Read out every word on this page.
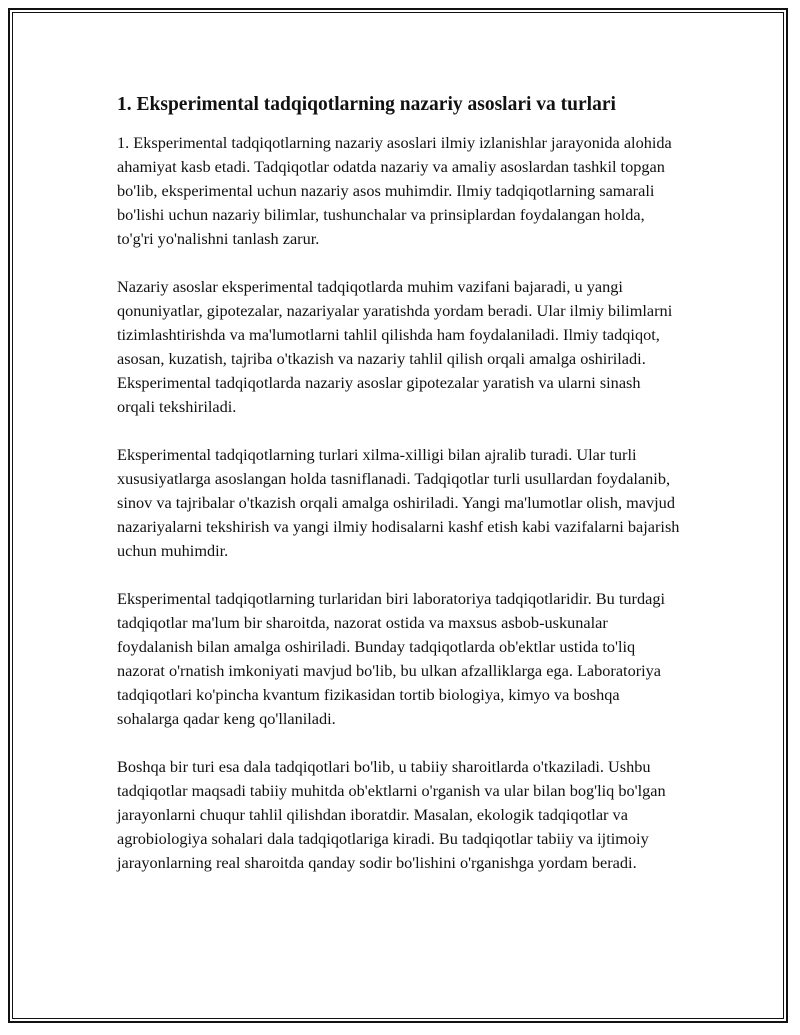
1. Eksperimental tadqiqotlarning nazariy asoslari va turlari

1. Eksperimental tadqiqotlarning nazariy asoslari ilmiy izlanishlar jarayonida alohida ahamiyat kasb etadi. Tadqiqotlar odatda nazariy va amaliy asoslardan tashkil topgan bo'lib, eksperimental uchun nazariy asos muhimdir. Ilmiy tadqiqotlarning samarali bo'lishi uchun nazariy bilimlar, tushunchalar va prinsiplardan foydalangan holda, to'g'ri yo'nalishni tanlash zarur.

Nazariy asoslar eksperimental tadqiqotlarda muhim vazifani bajaradi, u yangi qonuniyatlar, gipotezalar, nazariyalar yaratishda yordam beradi. Ular ilmiy bilimlarni tizimlashtirishda va ma'lumotlarni tahlil qilishda ham foydalaniladi. Ilmiy tadqiqot, asosan, kuzatish, tajriba o'tkazish va nazariy tahlil qilish orqali amalga oshiriladi. Eksperimental tadqiqotlarda nazariy asoslar gipotezalar yaratish va ularni sinash orqali tekshiriladi.

Eksperimental tadqiqotlarning turlari xilma-xilligi bilan ajralib turadi. Ular turli xususiyatlarga asoslangan holda tasniflanadi. Tadqiqotlar turli usullardan foydalanib, sinov va tajribalar o'tkazish orqali amalga oshiriladi. Yangi ma'lumotlar olish, mavjud nazariyalarni tekshirish va yangi ilmiy hodisalarni kashf etish kabi vazifalarni bajarish uchun muhimdir.

Eksperimental tadqiqotlarning turlaridan biri laboratoriya tadqiqotlaridir. Bu turdagi tadqiqotlar ma'lum bir sharoitda, nazorat ostida va maxsus asbob-uskunalar foydalanish bilan amalga oshiriladi. Bunday tadqiqotlarda ob'ektlar ustida to'liq nazorat o'rnatish imkoniyati mavjud bo'lib, bu ulkan afzalliklarga ega. Laboratoriya tadqiqotlari ko'pincha kvantum fizikasidan tortib biologiya, kimyo va boshqa sohalarga qadar keng qo'llaniladi.

Boshqa bir turi esa dala tadqiqotlari bo'lib, u tabiiy sharoitlarda o'tkaziladi. Ushbu tadqiqotlar maqsadi tabiiy muhitda ob'ektlarni o'rganish va ular bilan bog'liq bo'lgan jarayonlarni chuqur tahlil qilishdan iboratdir. Masalan, ekologik tadqiqotlar va agrobiologiya sohalari dala tadqiqotlariga kiradi. Bu tadqiqotlar tabiiy va ijtimoiy jarayonlarning real sharoitda qanday sodir bo'lishini o'rganishga yordam beradi.
